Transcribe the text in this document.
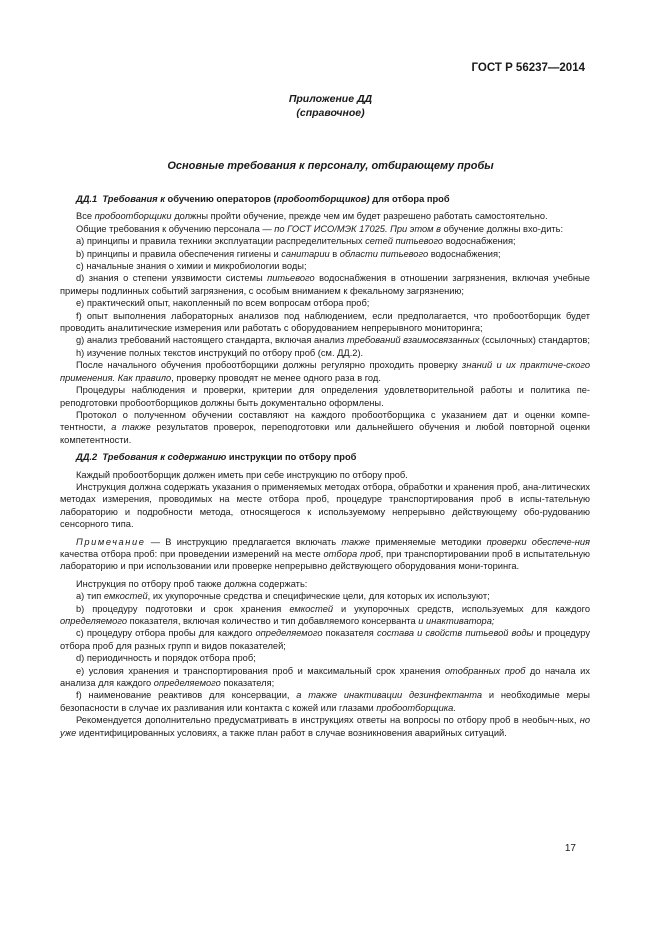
ГОСТ Р 56237—2014
Приложение ДД
(справочное)
Основные требования к персоналу, отбирающему пробы

ДД.1 Требования к обучению операторов (пробоотборщиков) для отбора проб

Все пробоотборщики должны пройти обучение, прежде чем им будет разрешено работать самостоятельно.

Общие требования к обучению персонала — по ГОСТ ИСО/МЭК 17025. При этом в обучение должны вхо-дить:

a) принципы и правила техники эксплуатации распределительных сетей питьевого водоснабжения;

b) принципы и правила обеспечения гигиены и санитарии в области питьевого водоснабжения;

c) начальные знания о химии и микробиологии воды;

d) знания о степени уязвимости системы питьевого водоснабжения в отношении загрязнения, включая учебные примеры подлинных событий загрязнения, с особым вниманием к фекальному загрязнению;

e) практический опыт, накопленный по всем вопросам отбора проб;

f) опыт выполнения лабораторных анализов под наблюдением, если предполагается, что пробоотборщик будет проводить аналитические измерения или работать с оборудованием непрерывного мониторинга;

g) анализ требований настоящего стандарта, включая анализ требований взаимосвязанных (ссылочных) стандартов;

h) изучение полных текстов инструкций по отбору проб (см. ДД.2).

После начального обучения пробоотборщики должны регулярно проходить проверку знаний и их практиче-ского применения. Как правило, проверку проводят не менее одного раза в год.

Процедуры наблюдения и проверки, критерии для определения удовлетворительной работы и политика пе-реподготовки пробоотборщиков должны быть документально оформлены.

Протокол о полученном обучении составляют на каждого пробоотборщика с указанием дат и оценки компе-тентности, а также результатов проверок, переподготовки или дальнейшего обучения и любой повторной оценки компетентности.

ДД.2 Требования к содержанию инструкции по отбору проб

Каждый пробоотборщик должен иметь при себе инструкцию по отбору проб.

Инструкция должна содержать указания о применяемых методах отбора, обработки и хранения проб, ана-литических методах измерения, проводимых на месте отбора проб, процедуре транспортирования проб в испы-тательную лабораторию и подробности метода, относящегося к используемому непрерывно действующему обо-рудованию сенсорного типа.

Примечание — В инструкцию предлагается включать также применяемые методики проверки обеспече-ния качества отбора проб: при проведении измерений на месте отбора проб, при транспортировании проб в испытательную лабораторию и при использовании или проверке непрерывно действующего оборудования мони-торинга.

Инструкция по отбору проб также должна содержать:

a) тип емкостей, их укупорочные средства и специфические цели, для которых их используют;

b) процедуру подготовки и срок хранения емкостей и укупорочных средств, используемых для каждого определяемого показателя, включая количество и тип добавляемого консерванта и инактиватора;

c) процедуру отбора пробы для каждого определяемого показателя состава и свойств питьевой воды и процедуру отбора проб для разных групп и видов показателей;

d) периодичность и порядок отбора проб;

e) условия хранения и транспортирования проб и максимальный срок хранения отобранных проб до начала их анализа для каждого определяемого показателя;

f) наименование реактивов для консервации, а также инактивации дезинфектанта и необходимые меры безопасности в случае их разливания или контакта с кожей или глазами пробоотборщика.

Рекомендуется дополнительно предусматривать в инструкциях ответы на вопросы по отбору проб в необыч-ных, но уже идентифицированных условиях, а также план работ в случае возникновения аварийных ситуаций.

17
